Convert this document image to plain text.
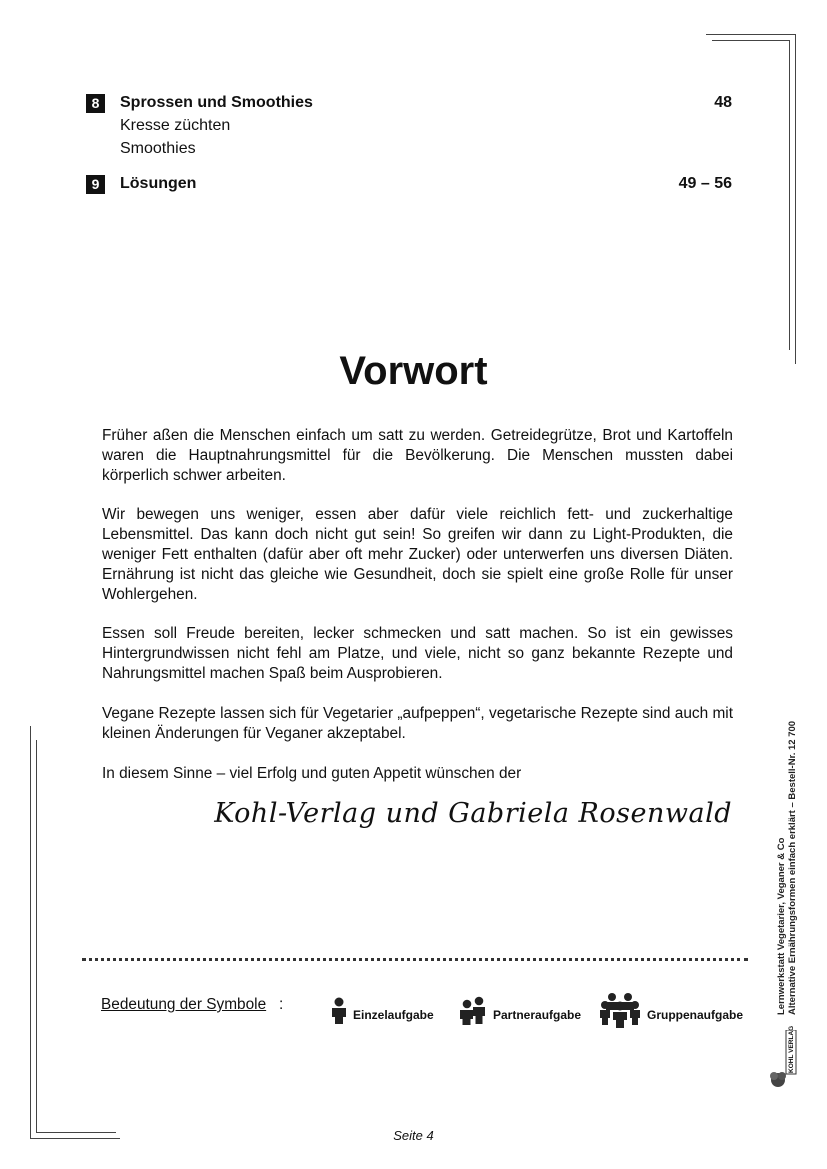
8	Sprossen und Smoothies	48
Kresse züchten
Smoothies
9	Lösungen	49 – 56
Vorwort

Früher aßen die Menschen einfach um satt zu werden. Getreidegrütze, Brot und Kartoffeln waren die Hauptnahrungsmittel für die Bevölkerung. Die Menschen mussten dabei körperlich schwer arbeiten.

Wir bewegen uns weniger, essen aber dafür viele reichlich fett- und zuckerhaltige Lebensmittel. Das kann doch nicht gut sein! So greifen wir dann zu Light-Produkten, die weniger Fett enthalten (dafür aber oft mehr Zucker) oder unterwerfen uns diversen Diäten. Ernährung ist nicht das gleiche wie Gesundheit, doch sie spielt eine große Rolle für unser Wohlergehen.

Essen soll Freude bereiten, lecker schmecken und satt machen. So ist ein gewisses Hintergrundwissen nicht fehl am Platze, und viele, nicht so ganz bekannte Rezepte und Nahrungsmittel machen Spaß beim Ausprobieren.

Vegane Rezepte lassen sich für Vegetarier „aufpeppen“, vegetarische Rezepte sind auch mit kleinen Änderungen für Veganer akzeptabel.

In diesem Sinne – viel Erfolg und guten Appetit wünschen der

Kohl-Verlag und Gabriela Rosenwald
Bedeutung der Symbole :
Einzelaufgabe	Partneraufgabe	Gruppenaufgabe	Lernwerkstatt Vegetarier, Veganer & Co Alternative Ernährungsformen einfach erklärt – Bestell-Nr. 12 700
KOHL VERLAG
Seite 4
